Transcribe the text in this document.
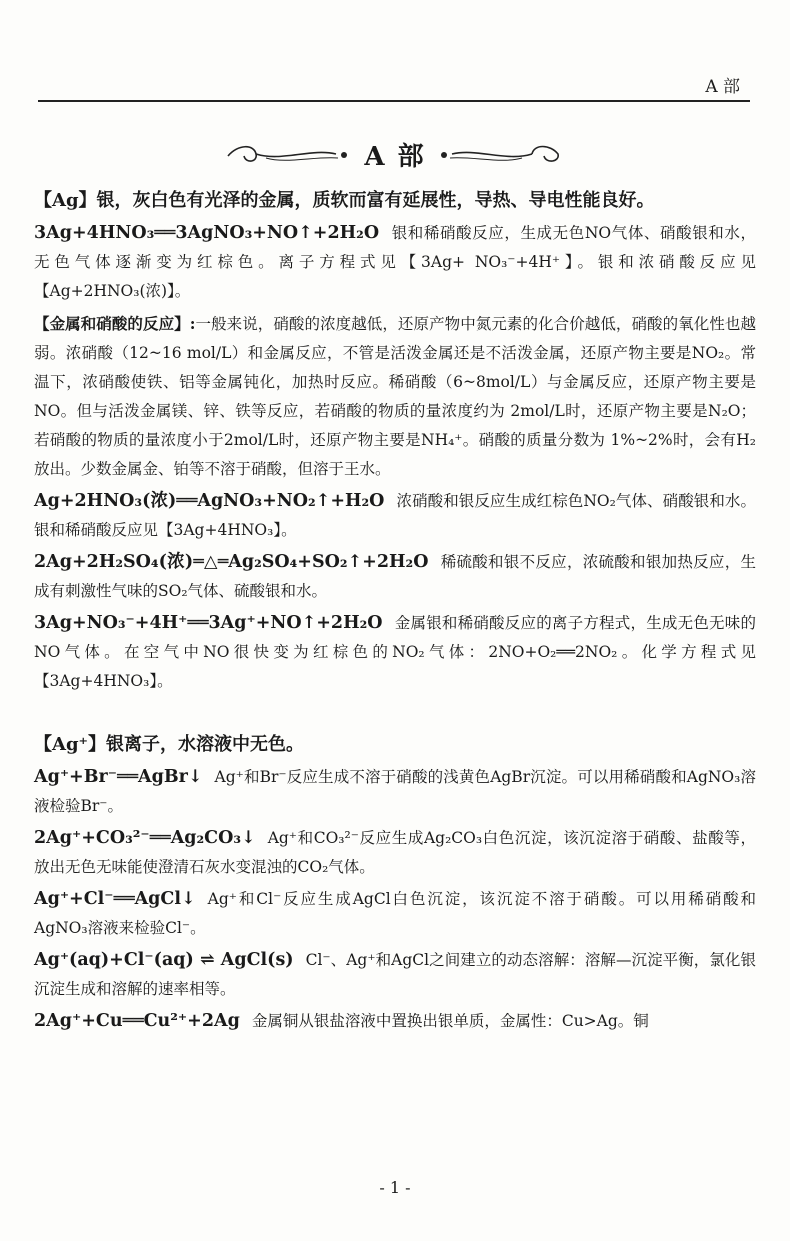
A 部
A 部

【Ag】银，灰白色有光泽的金属，质软而富有延展性，导热、导电性能良好。

3Ag+4HNO₃══3AgNO₃+NO↑+2H₂O 银和稀硝酸反应，生成无色NO气体、硝酸银和水，无色气体逐渐变为红棕色。离子方程式见【3Ag+ NO₃⁻+4H⁺】。银和浓硝酸反应见【Ag+2HNO₃(浓)】。

【金属和硝酸的反应】:一般来说，硝酸的浓度越低，还原产物中氮元素的化合价越低，硝酸的氧化性也越弱。浓硝酸（12~16 mol/L）和金属反应，不管是活泼金属还是不活泼金属，还原产物主要是NO₂。常温下，浓硝酸使铁、铝等金属钝化，加热时反应。稀硝酸（6~8mol/L）与金属反应，还原产物主要是NO。但与活泼金属镁、锌、铁等反应，若硝酸的物质的量浓度约为 2mol/L时，还原产物主要是N₂O；若硝酸的物质的量浓度小于2mol/L时，还原产物主要是NH₄⁺。硝酸的质量分数为 1%~2%时，会有H₂放出。少数金属金、铂等不溶于硝酸，但溶于王水。

Ag+2HNO₃(浓)══AgNO₃+NO₂↑+H₂O 浓硝酸和银反应生成红棕色NO₂气体、硝酸银和水。银和稀硝酸反应见【3Ag+4HNO₃】。

2Ag+2H₂SO₄(浓)═△═Ag₂SO₄+SO₂↑+2H₂O 稀硫酸和银不反应，浓硫酸和银加热反应，生成有刺激性气味的SO₂气体、硫酸银和水。

3Ag+NO₃⁻+4H⁺══3Ag⁺+NO↑+2H₂O 金属银和稀硝酸反应的离子方程式，生成无色无味的NO气体。在空气中NO很快变为红棕色的NO₂气体：2NO+O₂══2NO₂。化学方程式见【3Ag+4HNO₃】。

【Ag⁺】银离子，水溶液中无色。

Ag⁺+Br⁻══AgBr↓ Ag⁺和Br⁻反应生成不溶于硝酸的浅黄色AgBr沉淀。可以用稀硝酸和AgNO₃溶液检验Br⁻。

2Ag⁺+CO₃²⁻══Ag₂CO₃↓ Ag⁺和CO₃²⁻反应生成Ag₂CO₃白色沉淀，该沉淀溶于硝酸、盐酸等，放出无色无味能使澄清石灰水变混浊的CO₂气体。

Ag⁺+Cl⁻══AgCl↓ Ag⁺和Cl⁻反应生成AgCl白色沉淀，该沉淀不溶于硝酸。可以用稀硝酸和AgNO₃溶液来检验Cl⁻。

Ag⁺(aq)+Cl⁻(aq) ⇌ AgCl(s) Cl⁻、Ag⁺和AgCl之间建立的动态溶解：溶解—沉淀平衡，氯化银沉淀生成和溶解的速率相等。

2Ag⁺+Cu══Cu²⁺+2Ag 金属铜从银盐溶液中置换出银单质，金属性：Cu>Ag。铜

- 1 -
